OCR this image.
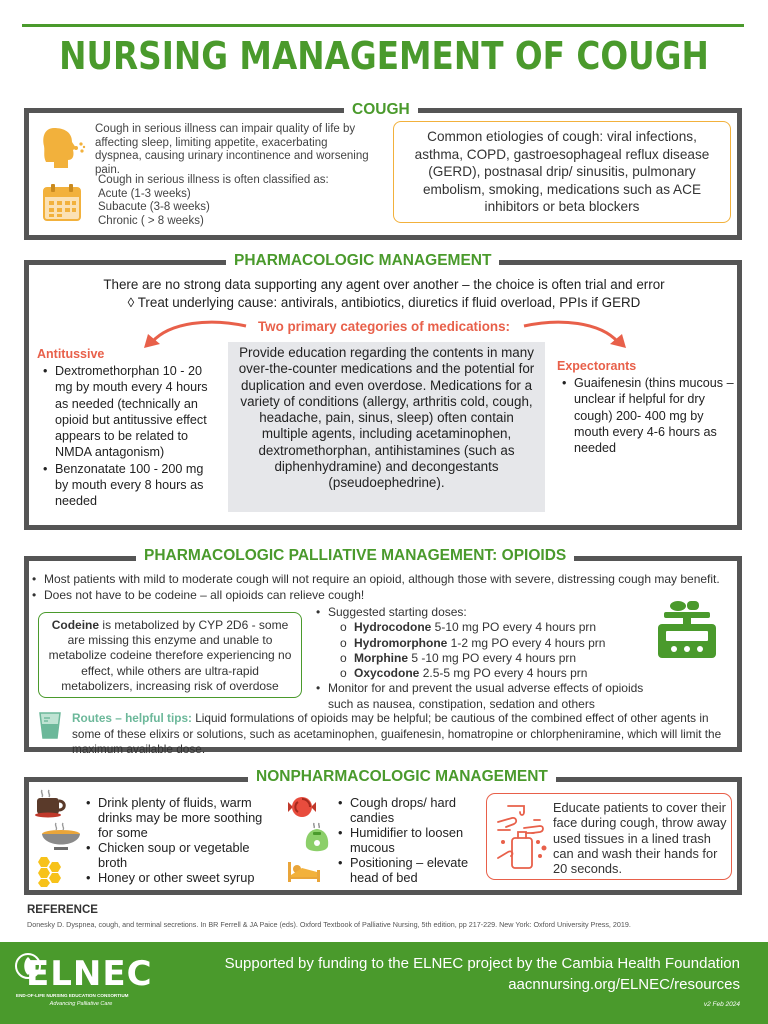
NURSING MANAGEMENT OF COUGH
COUGH
Cough in serious illness can impair quality of life by affecting sleep, limiting appetite, exacerbating dyspnea, causing urinary incontinence and worsening pain.
Cough in serious illness is often classified as:
Acute (1-3 weeks)
Subacute (3-8 weeks)
Chronic ( > 8 weeks)
Common etiologies of cough: viral infections, asthma, COPD, gastroesophageal reflux disease (GERD), postnasal drip/ sinusitis, pulmonary embolism, smoking, medications such as ACE inhibitors or beta blockers
PHARMACOLOGIC MANAGEMENT
There are no strong data supporting any agent over another – the choice is often trial and error
◊ Treat underlying cause: antivirals, antibiotics, diuretics if fluid overload, PPIs if GERD
Two primary categories of medications:
Antitussive
• Dextromethorphan 10 - 20 mg by mouth every 4 hours as needed (technically an opioid but antitussive effect appears to be related to NMDA antagonism)
• Benzonatate 100 - 200 mg by mouth every 8 hours as needed
Provide education regarding the contents in many over-the-counter medications and the potential for duplication and even overdose. Medications for a variety of conditions (allergy, arthritis cold, cough, headache, pain, sinus, sleep) often contain multiple agents, including acetaminophen, dextromethorphan, antihistamines (such as diphenhydramine) and decongestants (pseudoephedrine).
Expectorants
• Guaifenesin (thins mucous – unclear if helpful for dry cough) 200- 400 mg by mouth every 4-6 hours as needed
PHARMACOLOGIC PALLIATIVE MANAGEMENT: OPIOIDS
• Most patients with mild to moderate cough will not require an opioid, although those with severe, distressing cough may benefit.
• Does not have to be codeine – all opioids can relieve cough!
Codeine is metabolized by CYP 2D6 - some are missing this enzyme and unable to metabolize codeine therefore experiencing no effect, while others are ultra-rapid metabolizers, increasing risk of overdose
• Suggested starting doses:
o Hydrocodone 5-10 mg PO every 4 hours prn
o Hydromorphone 1-2 mg PO every 4 hours prn
o Morphine 5 -10 mg PO every 4 hours prn
o Oxycodone 2.5-5 mg PO every 4 hours prn
• Monitor for and prevent the usual adverse effects of opioids such as nausea, constipation, sedation and others
Routes – helpful tips: Liquid formulations of opioids may be helpful; be cautious of the combined effect of other agents in some of these elixirs or solutions, such as acetaminophen, guaifenesin, homatropine or chlorpheniramine, which will limit the maximum available dose.
NONPHARMACOLOGIC MANAGEMENT
• Drink plenty of fluids, warm drinks may be more soothing for some
• Chicken soup or vegetable broth
• Honey or other sweet syrup
• Cough drops/ hard candies
• Humidifier to loosen mucous
• Positioning – elevate head of bed
Educate patients to cover their face during cough, throw away used tissues in a lined trash can and wash their hands for 20 seconds.
REFERENCE
Donesky D. Dyspnea, cough, and terminal secretions. In BR Ferrell & JA Paice (eds). Oxford Textbook of Palliative Nursing, 5th edition, pp 217-229. New York: Oxford University Press, 2019.
ELNEC
END-OF-LIFE NURSING EDUCATION CONSORTIUM
Advancing Palliative Care
Supported by funding to the ELNEC project by the Cambia Health Foundation
aacnnursing.org/ELNEC/resources
v2 Feb 2024
